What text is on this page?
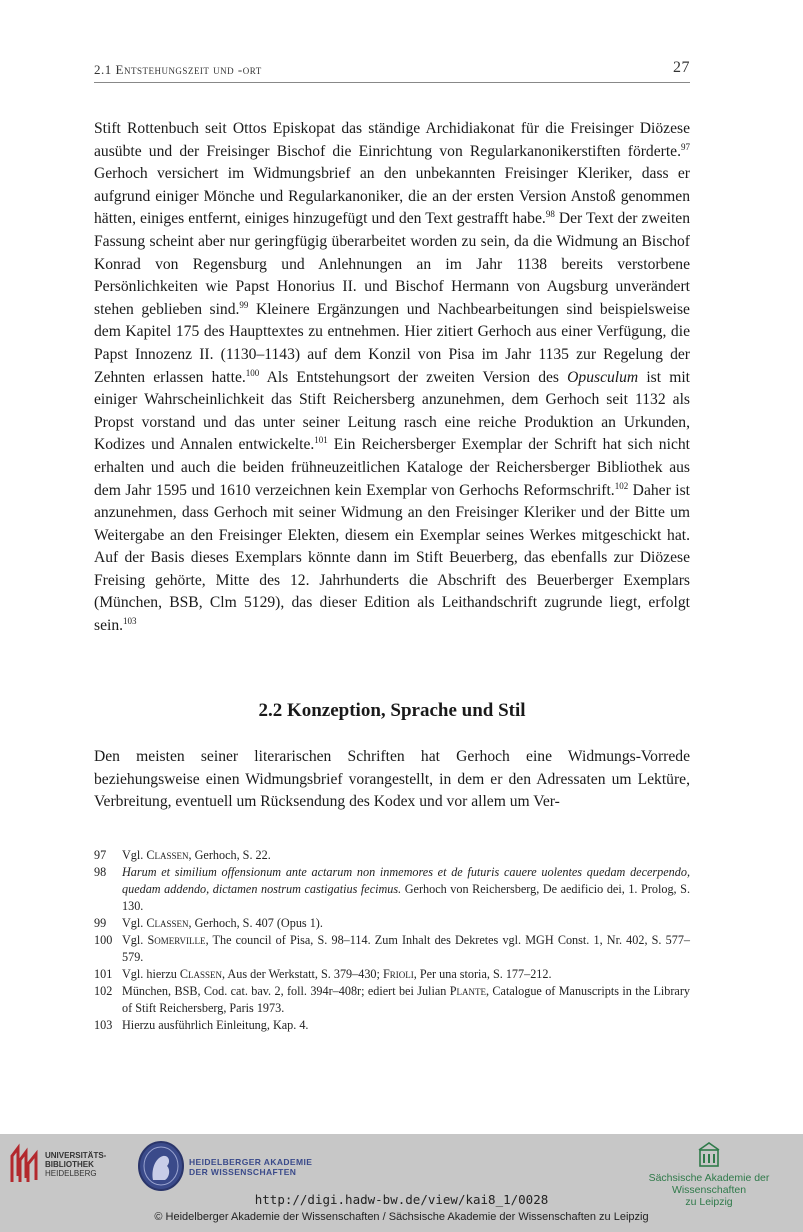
2.1 Entstehungszeit und -ort	27

Stift Rottenbuch seit Ottos Episkopat das ständige Archidiakonat für die Freisinger Diözese ausübte und der Freisinger Bischof die Einrichtung von Regularkanonikerstiften förderte.$^{97}$ Gerhoch versichert im Widmungsbrief an den unbekannten Freisinger Kleriker, dass er aufgrund einiger Mönche und Regularkanoniker, die an der ersten Version Anstoß genommen hätten, einiges entfernt, einiges hinzugefügt und den Text gestrafft habe.$^{98}$ Der Text der zweiten Fassung scheint aber nur geringfügig überarbeitet worden zu sein, da die Widmung an Bischof Konrad von Regensburg und Anlehnungen an im Jahr 1138 bereits verstorbene Persönlichkeiten wie Papst Honorius II. und Bischof Hermann von Augsburg unverändert stehen geblieben sind.$^{99}$ Kleinere Ergänzungen und Nachbearbeitungen sind beispielsweise dem Kapitel 175 des Haupttextes zu entnehmen. Hier zitiert Gerhoch aus einer Verfügung, die Papst Innozenz II. (1130–1143) auf dem Konzil von Pisa im Jahr 1135 zur Regelung der Zehnten erlassen hatte.$^{100}$ Als Entstehungsort der zweiten Version des Opusculum ist mit einiger Wahrscheinlichkeit das Stift Reichersberg anzunehmen, dem Gerhoch seit 1132 als Propst vorstand und das unter seiner Leitung rasch eine reiche Produktion an Urkunden, Kodizes und Annalen entwickelte.$^{101}$ Ein Reichersberger Exemplar der Schrift hat sich nicht erhalten und auch die beiden frühneuzeitlichen Kataloge der Reichersberger Bibliothek aus dem Jahr 1595 und 1610 verzeichnen kein Exemplar von Gerhochs Reformschrift.$^{102}$ Daher ist anzunehmen, dass Gerhoch mit seiner Widmung an den Freisinger Kleriker und der Bitte um Weitergabe an den Freisinger Elekten, diesem ein Exemplar seines Werkes mitgeschickt hat. Auf der Basis dieses Exemplars könnte dann im Stift Beuerberg, das ebenfalls zur Diözese Freising gehörte, Mitte des 12. Jahrhunderts die Abschrift des Beuerberger Exemplars (München, BSB, Clm 5129), das dieser Edition als Leithandschrift zugrunde liegt, erfolgt sein.$^{103}$

2.2 Konzeption, Sprache und Stil

Den meisten seiner literarischen Schriften hat Gerhoch eine Widmungs-Vorrede beziehungsweise einen Widmungsbrief vorangestellt, in dem er den Adressaten um Lektüre, Verbreitung, eventuell um Rücksendung des Kodex und vor allem um Ver-

97 Vgl. Classen, Gerhoch, S. 22.
98 Harum et similium offensionum ante actarum non inmemores et de futuris cauere uolentes quedam decerpendo, quedam addendo, dictamen nostrum castigatius fecimus. Gerhoch von Reichersberg, De aedificio dei, 1. Prolog, S. 130.
99 Vgl. Classen, Gerhoch, S. 407 (Opus 1).
100 Vgl. Somerville, The council of Pisa, S. 98–114. Zum Inhalt des Dekretes vgl. MGH Const. 1, Nr. 402, S. 577–579.
101 Vgl. hierzu Classen, Aus der Werkstatt, S. 379–430; Frioli, Per una storia, S. 177–212.
102 München, BSB, Cod. cat. bav. 2, foll. 394r–408r; ediert bei Julian Plante, Catalogue of Manuscripts in the Library of Stift Reichersberg, Paris 1973.
103 Hierzu ausführlich Einleitung, Kap. 4.
UNIVERSITÄTS-
BIBLIOTHEK
HEIDELBERG
HEIDELBERGER AKADEMIE
DER WISSENSCHAFTEN	Sächsische Akademie der Wissenschaften
zu Leipzig
http://digi.hadw-bw.de/view/kai8_1/0028
© Heidelberger Akademie der Wissenschaften / Sächsische Akademie der Wissenschaften zu Leipzig
